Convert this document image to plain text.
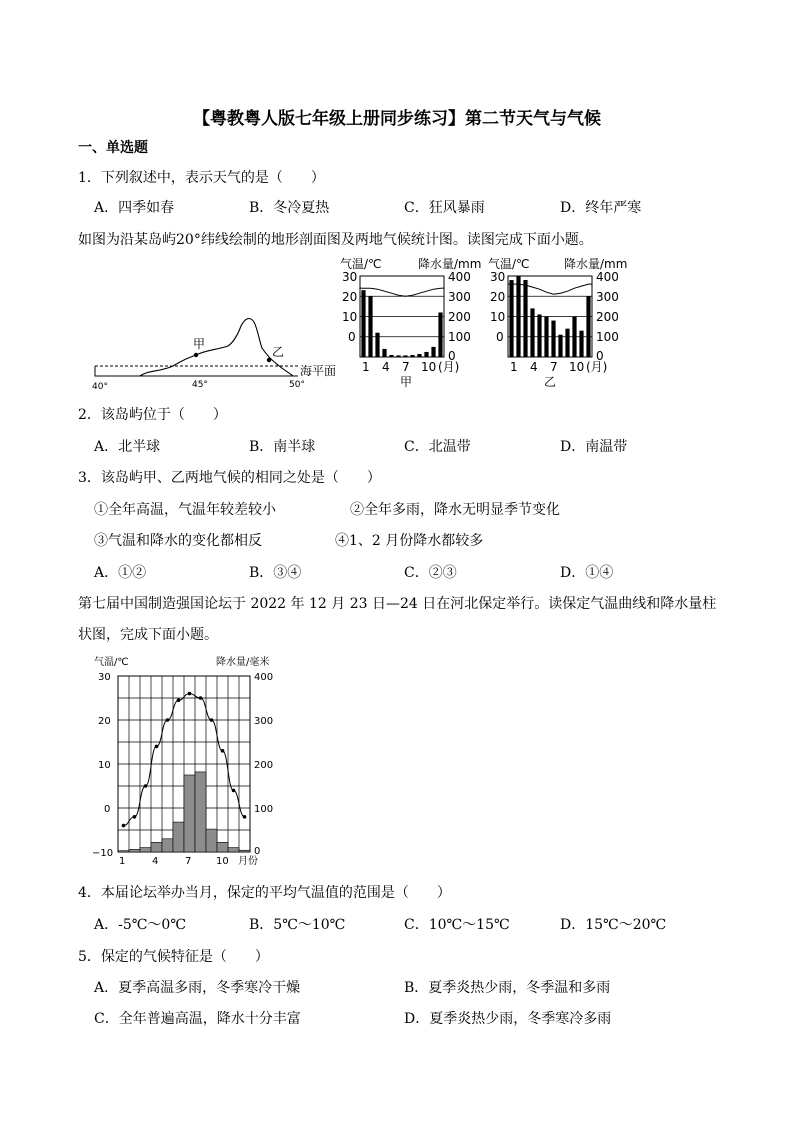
【粤教粤人版七年级上册同步练习】第二节天气与气候
一、单选题
1．下列叙述中，表示天气的是（　　）
A．四季如春	B．冬冷夏热	C．狂风暴雨	D．终年严寒
如图为沿某岛屿20°纬线绘制的地形剖面图及两地气候统计图。读图完成下面小题。
甲
乙
海平面
40°	45°	50°
气温/℃	降水量/mm
30
20
10
0
400
300
200
100
0
1 4 7 10 (月)
甲
气温/℃	降水量/mm
30
20
10
0
400
300
200
100
0
1 4 7 10 (月)
乙
2．该岛屿位于（　　）
A．北半球	B．南半球	C．北温带	D．南温带
3．该岛屿甲、乙两地气候的相同之处是（　　）
①全年高温，气温年较差较小	②全年多雨，降水无明显季节变化
③气温和降水的变化都相反	④1、2 月份降水都较多
A．①②	B．③④	C．②③	D．①④
第七届中国制造强国论坛于 2022 年 12 月 23 日—24 日在河北保定举行。读保定气温曲线和降水量柱
状图，完成下面小题。
气温/℃	降水量/毫米
30
20
10
0
−10
400
300
200
100
0
1	4	7 10 月份
4．本届论坛举办当月，保定的平均气温值的范围是（　　）
A．-5℃～0℃	B．5℃～10℃	C．10℃～15℃	D．15℃～20℃
5．保定的气候特征是（　　）
A．夏季高温多雨，冬季寒冷干燥	B．夏季炎热少雨，冬季温和多雨
C．全年普遍高温，降水十分丰富	D．夏季炎热少雨，冬季寒冷多雨
